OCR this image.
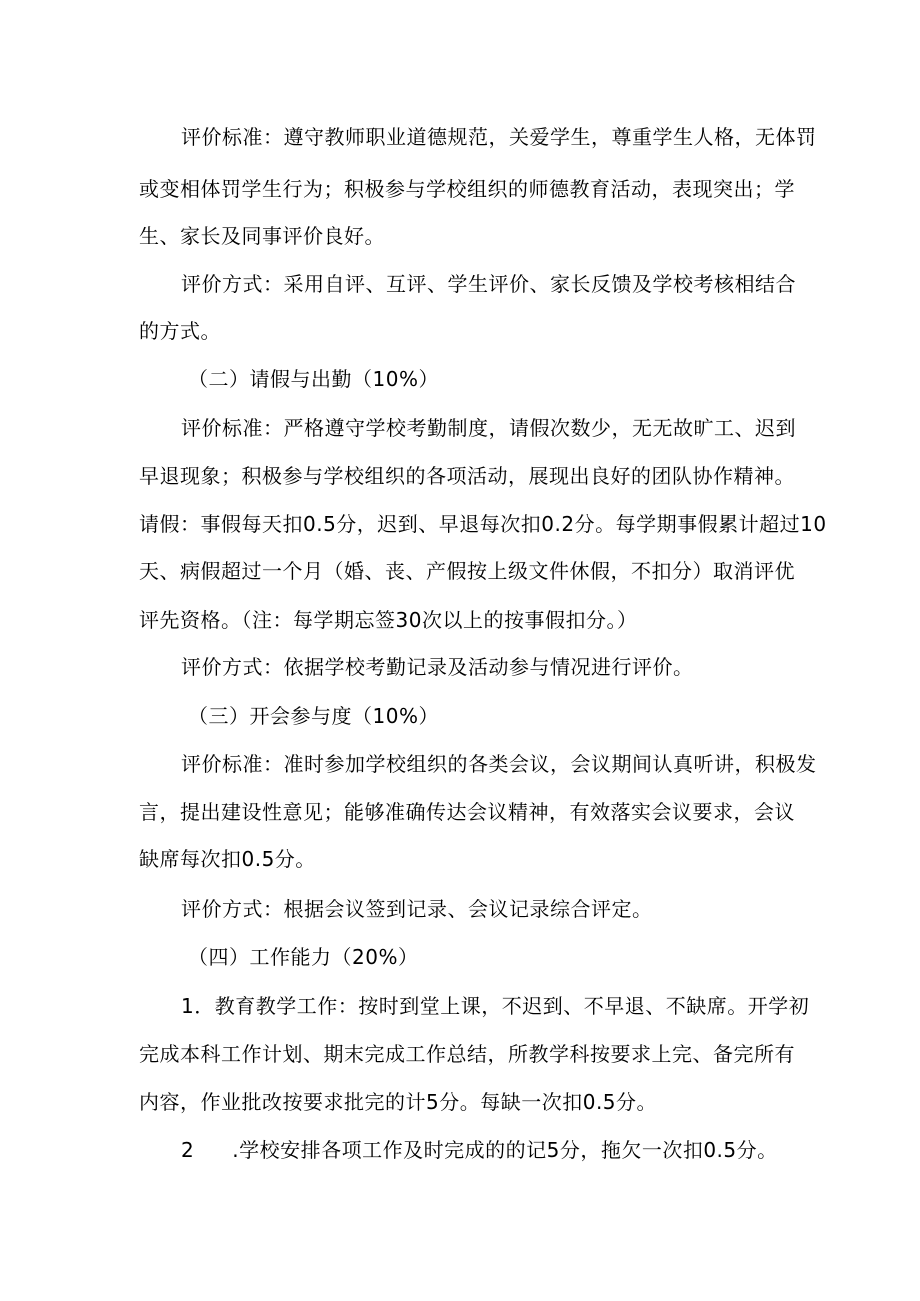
评价标准：遵守教师职业道德规范，关爱学生，尊重学生人格，无体罚

或变相体罚学生行为；积极参与学校组织的师德教育活动，表现突出；学

生、家长及同事评价良好。

评价方式：采用自评、互评、学生评价、家长反馈及学校考核相结合

的方式。

（二）请假与出勤（10%）

评价标准：严格遵守学校考勤制度，请假次数少，无无故旷工、迟到

早退现象；积极参与学校组织的各项活动，展现出良好的团队协作精神。

请假：事假每天扣0.5分，迟到、早退每次扣0.2分。每学期事假累计超过10

天、病假超过一个月（婚、丧、产假按上级文件休假，不扣分）取消评优

评先资格。（注：每学期忘签30次以上的按事假扣分。）

评价方式：依据学校考勤记录及活动参与情况进行评价。

（三）开会参与度（10%）

评价标准：准时参加学校组织的各类会议，会议期间认真听讲，积极发

言，提出建设性意见；能够准确传达会议精神，有效落实会议要求，会议

缺席每次扣0.5分。

评价方式：根据会议签到记录、会议记录综合评定。

（四）工作能力（20%）

1．教育教学工作：按时到堂上课，不迟到、不早退、不缺席。开学初

完成本科工作计划、期末完成工作总结，所教学科按要求上完、备完所有

内容，作业批改按要求批完的计5分。每缺一次扣0.5分。

2 .学校安排各项工作及时完成的的记5分，拖欠一次扣0.5分。
